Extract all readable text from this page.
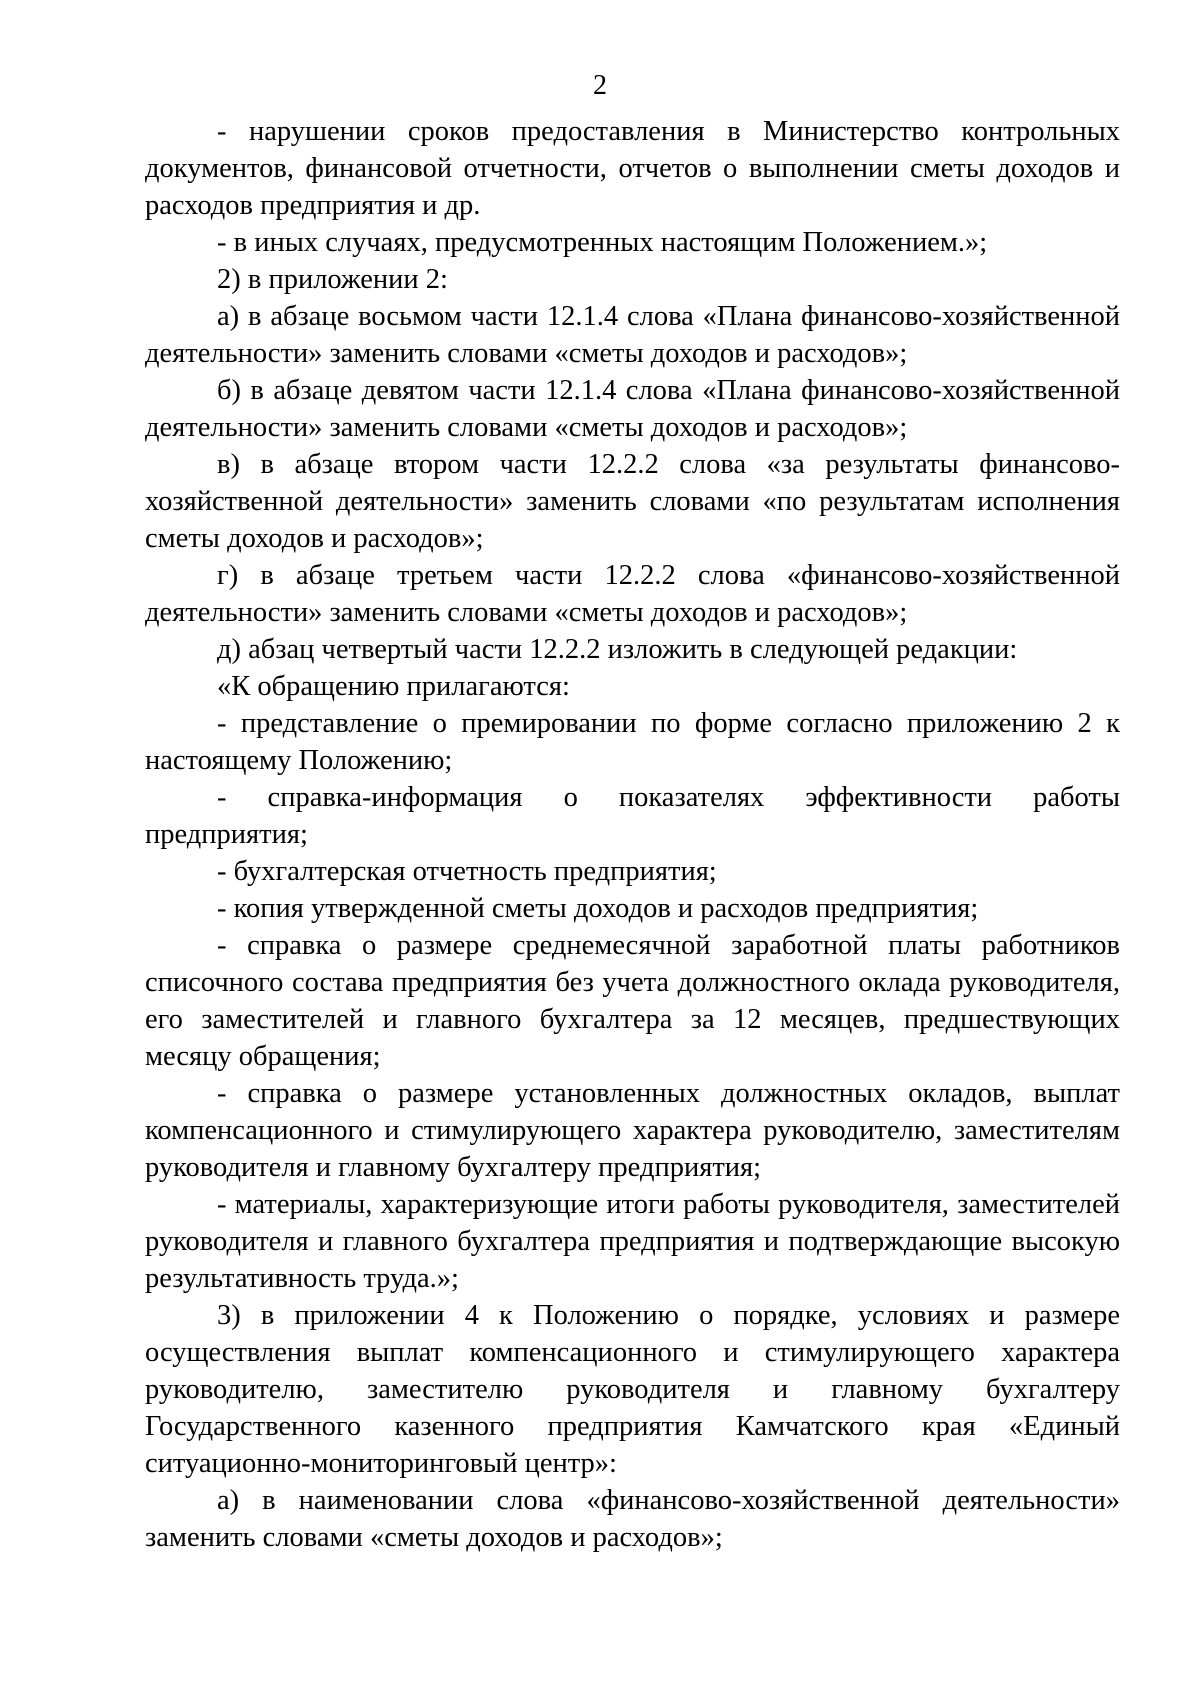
2

- нарушении сроков предоставления в Министерство контрольных документов, финансовой отчетности, отчетов о выполнении сметы доходов и расходов предприятия и др.

- в иных случаях, предусмотренных настоящим Положением.»;

2) в приложении 2:

а) в абзаце восьмом части 12.1.4 слова «Плана финансово-хозяйственной деятельности» заменить словами «сметы доходов и расходов»;

б) в абзаце девятом части 12.1.4 слова «Плана финансово-хозяйственной деятельности» заменить словами «сметы доходов и расходов»;

в) в абзаце втором части 12.2.2 слова «за результаты финансово-хозяйственной деятельности» заменить словами «по результатам исполнения сметы доходов и расходов»;

г) в абзаце третьем части 12.2.2 слова «финансово-хозяйственной деятельности» заменить словами «сметы доходов и расходов»;

д) абзац четвертый части 12.2.2 изложить в следующей редакции:

«К обращению прилагаются:

- представление о премировании по форме согласно приложению 2 к настоящему Положению;

- справка-информация о показателях эффективности работы предприятия;

- бухгалтерская отчетность предприятия;

- копия утвержденной сметы доходов и расходов предприятия;

- справка о размере среднемесячной заработной платы работников списочного состава предприятия без учета должностного оклада руководителя, его заместителей и главного бухгалтера за 12 месяцев, предшествующих месяцу обращения;

- справка о размере установленных должностных окладов, выплат компенсационного и стимулирующего характера руководителю, заместителям руководителя и главному бухгалтеру предприятия;

- материалы, характеризующие итоги работы руководителя, заместителей руководителя и главного бухгалтера предприятия и подтверждающие высокую результативность труда.»;

3) в приложении 4 к Положению о порядке, условиях и размере осуществления выплат компенсационного и стимулирующего характера руководителю, заместителю руководителя и главному бухгалтеру Государственного казенного предприятия Камчатского края «Единый ситуационно-мониторинговый центр»:

а) в наименовании слова «финансово-хозяйственной деятельности» заменить словами «сметы доходов и расходов»;
